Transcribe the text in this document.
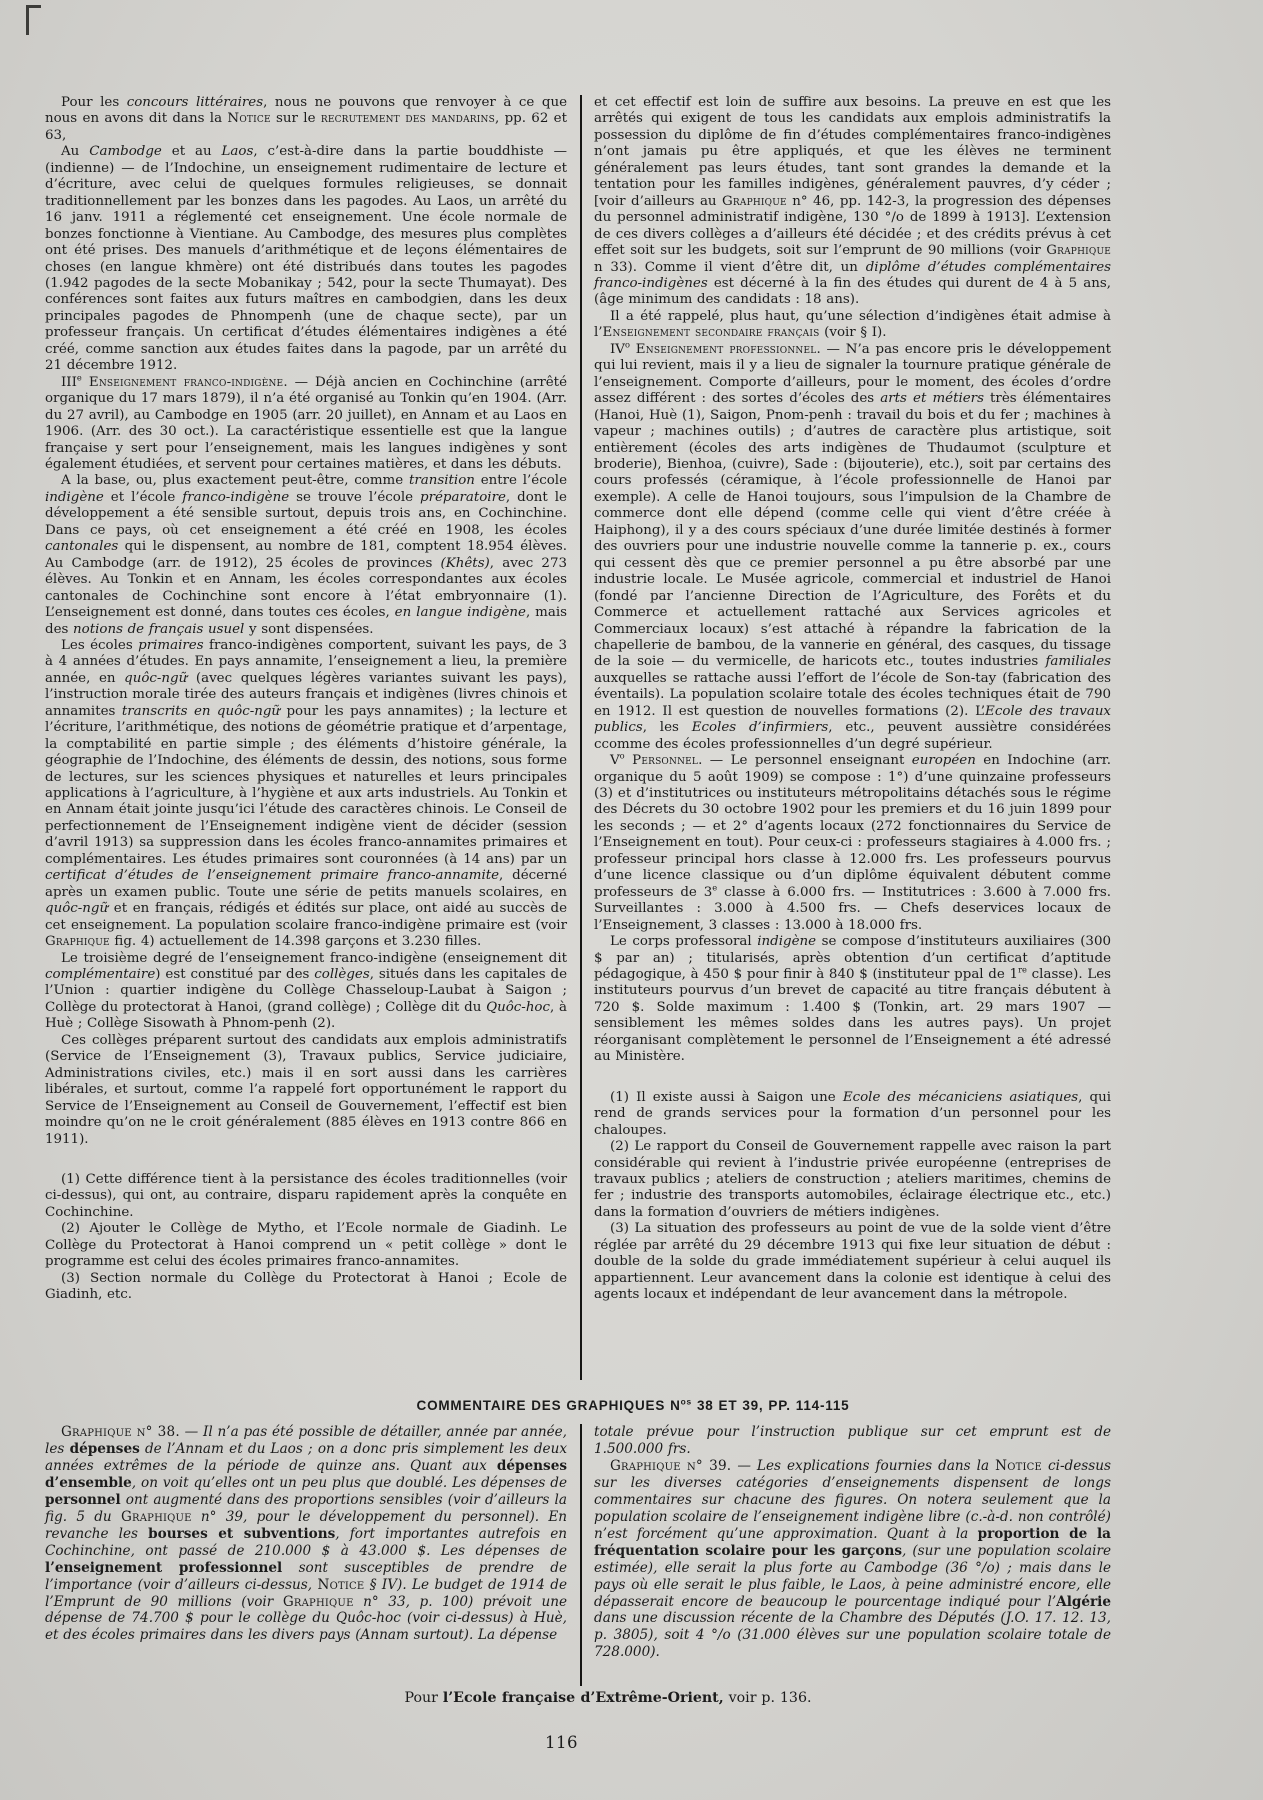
Pour les concours littéraires, nous ne pouvons que renvoyer à ce que nous en avons dit dans la Notice sur le recrutement des mandarins, pp. 62 et 63,

Au Cambodge et au Laos, c’est-à-dire dans la partie bouddhiste — (indienne) — de l’Indochine, un enseignement rudimentaire de lecture et d’écriture, avec celui de quelques formules religieuses, se donnait traditionnellement par les bonzes dans les pagodes. Au Laos, un arrêté du 16 janv. 1911 a réglementé cet enseignement. Une école normale de bonzes fonctionne à Vientiane. Au Cambodge, des mesures plus complètes ont été prises. Des manuels d’arithmétique et de leçons élémentaires de choses (en langue khmère) ont été distribués dans toutes les pagodes (1.942 pagodes de la secte Mobanikay ; 542, pour la secte Thumayat). Des conférences sont faites aux futurs maîtres en cambodgien, dans les deux principales pagodes de Phnompenh (une de chaque secte), par un professeur français. Un certificat d’études élémentaires indigènes a été créé, comme sanction aux études faites dans la pagode, par un arrêté du 21 décembre 1912.

IIIe Enseignement franco-indigène. — Déjà ancien en Cochinchine (arrêté organique du 17 mars 1879), il n’a été organisé au Tonkin qu’en 1904. (Arr. du 27 avril), au Cambodge en 1905 (arr. 20 juillet), en Annam et au Laos en 1906. (Arr. des 30 oct.). La caractéristique essentielle est que la langue française y sert pour l’enseignement, mais les langues indigènes y sont également étudiées, et servent pour certaines matières, et dans les débuts.

A la base, ou, plus exactement peut-être, comme transition entre l’école indigène et l’école franco-indigène se trouve l’école préparatoire, dont le développement a été sensible surtout, depuis trois ans, en Cochinchine. Dans ce pays, où cet enseignement a été créé en 1908, les écoles cantonales qui le dispensent, au nombre de 181, comptent 18.954 élèves. Au Cambodge (arr. de 1912), 25 écoles de provinces (Khêts), avec 273 élèves. Au Tonkin et en Annam, les écoles correspondantes aux écoles cantonales de Cochinchine sont encore à l’état embryonnaire (1). L’enseignement est donné, dans toutes ces écoles, en langue indigène, mais des notions de français usuel y sont dispensées.

Les écoles primaires franco-indigènes comportent, suivant les pays, de 3 à 4 années d’études. En pays annamite, l’enseignement a lieu, la première année, en quôc-ngữ (avec quelques légères variantes suivant les pays), l’instruction morale tirée des auteurs français et indigènes (livres chinois et annamites transcrits en quôc-ngữ pour les pays annamites) ; la lecture et l’écriture, l’arithmétique, des notions de géométrie pratique et d’arpentage, la comptabilité en partie simple ; des éléments d’histoire générale, la géographie de l’Indochine, des éléments de dessin, des notions, sous forme de lectures, sur les sciences physiques et naturelles et leurs principales applications à l’agriculture, à l’hygiène et aux arts industriels. Au Tonkin et en Annam était jointe jusqu’ici l’étude des caractères chinois. Le Conseil de perfectionnement de l’Enseignement indigène vient de décider (session d’avril 1913) sa suppression dans les écoles franco-annamites primaires et complémentaires. Les études primaires sont couronnées (à 14 ans) par un certificat d’études de l’enseignement primaire franco-annamite, décerné après un examen public. Toute une série de petits manuels scolaires, en quôc-ngữ et en français, rédigés et édités sur place, ont aidé au succès de cet enseignement. La population scolaire franco-indigène primaire est (voir Graphique fig. 4) actuellement de 14.398 garçons et 3.230 filles.

Le troisième degré de l’enseignement franco-indigène (enseignement dit complémentaire) est constitué par des collèges, situés dans les capitales de l’Union : quartier indigène du Collège Chasseloup-Laubat à Saigon ; Collège du protectorat à Hanoi, (grand collège) ; Collège dit du Quôc-hoc, à Huè ; Collège Sisowath à Phnom-penh (2).

Ces collèges préparent surtout des candidats aux emplois administratifs (Service de l’Enseignement (3), Travaux publics, Service judiciaire, Administrations civiles, etc.) mais il en sort aussi dans les carrières libérales, et surtout, comme l’a rappelé fort opportunément le rapport du Service de l’Enseignement au Conseil de Gouvernement, l’effectif est bien moindre qu’on ne le croit généralement (885 élèves en 1913 contre 866 en 1911).

(1) Cette différence tient à la persistance des écoles traditionnelles (voir ci-dessus), qui ont, au contraire, disparu rapidement après la conquête en Cochinchine.

(2) Ajouter le Collège de Mytho, et l’Ecole normale de Giadinh. Le Collège du Protectorat à Hanoi comprend un « petit collège » dont le programme est celui des écoles primaires franco-annamites.

(3) Section normale du Collège du Protectorat à Hanoi ; Ecole de Giadinh, etc.

et cet effectif est loin de suffire aux besoins. La preuve en est que les arrêtés qui exigent de tous les candidats aux emplois administratifs la possession du diplôme de fin d’études complémentaires franco-indigènes n’ont jamais pu être appliqués, et que les élèves ne terminent généralement pas leurs études, tant sont grandes la demande et la tentation pour les familles indigènes, généralement pauvres, d’y céder ; [voir d’ailleurs au Graphique n° 46, pp. 142-3, la progression des dépenses du personnel administratif indigène, 130 °/o de 1899 à 1913]. L’extension de ces divers collèges a d’ailleurs été décidée ; et des crédits prévus à cet effet soit sur les budgets, soit sur l’emprunt de 90 millions (voir Graphique n 33). Comme il vient d’être dit, un diplôme d’études complémentaires franco-indigènes est décerné à la fin des études qui durent de 4 à 5 ans, (âge minimum des candidats : 18 ans).

Il a été rappelé, plus haut, qu’une sélection d’indigènes était admise à l’Enseignement secondaire français (voir § I).

$IV^o$ Enseignement professionnel. — N’a pas encore pris le développement qui lui revient, mais il y a lieu de signaler la tournure pratique générale de l’enseignement. Comporte d’ailleurs, pour le moment, des écoles d’ordre assez différent : des sortes d’écoles des arts et métiers très élémentaires (Hanoi, Huè (1), Saigon, Pnom-penh : travail du bois et du fer ; machines à vapeur ; machines outils) ; d’autres de caractère plus artistique, soit entièrement (écoles des arts indigènes de Thudaumot (sculpture et broderie), Bienhoa, (cuivre), Sade : (bijouterie), etc.), soit par certains des cours professés (céramique, à l’école professionnelle de Hanoi par exemple). A celle de Hanoi toujours, sous l’impulsion de la Chambre de commerce dont elle dépend (comme celle qui vient d’être créée à Haiphong), il y a des cours spéciaux d’une durée limitée destinés à former des ouvriers pour une industrie nouvelle comme la tannerie p. ex., cours qui cessent dès que ce premier personnel a pu être absorbé par une industrie locale. Le Musée agricole, commercial et industriel de Hanoi (fondé par l’ancienne Direction de l’Agriculture, des Forêts et du Commerce et actuellement rattaché aux Services agricoles et Commerciaux locaux) s’est attaché à répandre la fabrication de la chapellerie de bambou, de la vannerie en général, des casques, du tissage de la soie — du vermicelle, de haricots etc., toutes industries familiales auxquelles se rattache aussi l’effort de l’école de Son-tay (fabrication des éventails). La population scolaire totale des écoles techniques était de 790 en 1912. Il est question de nouvelles formations (2). L’Ecole des travaux publics, les Ecoles d’infirmiers, etc., peuvent aussiètre considérées ccomme des écoles professionnelles d’un degré supérieur.

$V^o$ Personnel. — Le personnel enseignant européen en Indochine (arr. organique du 5 août 1909) se compose : 1°) d’une quinzaine professeurs (3) et d’institutrices ou instituteurs métropolitains détachés sous le régime des Décrets du 30 octobre 1902 pour les premiers et du 16 juin 1899 pour les seconds ; — et 2° d’agents locaux (272 fonctionnaires du Service de l’Enseignement en tout). Pour ceux-ci : professeurs stagiaires à 4.000 frs. ; professeur principal hors classe à 12.000 frs. Les professeurs pourvus d’une licence classique ou d’un diplôme équivalent débutent comme professeurs de 3e classe à 6.000 frs. — Institutrices : 3.600 à 7.000 frs. Surveillantes : 3.000 à 4.500 frs. — Chefs deservices locaux de l’Enseignement, 3 classes : 13.000 à 18.000 frs.

Le corps professoral indigène se compose d’instituteurs auxiliaires (300 $ par an) ; titularisés, après obtention d’un certificat d’aptitude pédagogique, à 450 $ pour finir à 840 $ (instituteur ppal de 1re classe). Les instituteurs pourvus d’un brevet de capacité au titre français débutent à 720 $. Solde maximum : 1.400 $ (Tonkin, art. 29 mars 1907 — sensiblement les mêmes soldes dans les autres pays). Un projet réorganisant complètement le personnel de l’Enseignement a été adressé au Ministère.

(1) Il existe aussi à Saigon une Ecole des mécaniciens asiatiques, qui rend de grands services pour la formation d’un personnel pour les chaloupes.

(2) Le rapport du Conseil de Gouvernement rappelle avec raison la part considérable qui revient à l’industrie privée européenne (entreprises de travaux publics ; ateliers de construction ; ateliers maritimes, chemins de fer ; industrie des transports automobiles, éclairage électrique etc., etc.) dans la formation d’ouvriers de métiers indigènes.

(3) La situation des professeurs au point de vue de la solde vient d’être réglée par arrêté du 29 décembre 1913 qui fixe leur situation de début : double de la solde du grade immédiatement supérieur à celui auquel ils appartiennent. Leur avancement dans la colonie est identique à celui des agents locaux et indépendant de leur avancement dans la métropole.

COMMENTAIRE DES GRAPHIQUES $N^{os}$ 38 ET 39, PP. 114-115

Graphique n° 38. — Il n’a pas été possible de détailler, année par année, les dépenses de l’Annam et du Laos ; on a donc pris simplement les deux années extrêmes de la période de quinze ans. Quant aux dépenses d’ensemble, on voit qu’elles ont un peu plus que doublé. Les dépenses de personnel ont augmenté dans des proportions sensibles (voir d’ailleurs la fig. 5 du Graphique n° 39, pour le développement du personnel). En revanche les bourses et subventions, fort importantes autrefois en Cochinchine, ont passé de 210.000 $ à 43.000 $. Les dépenses de l’enseignement professionnel sont susceptibles de prendre de l’importance (voir d’ailleurs ci-dessus, Notice § IV). Le budget de 1914 de l’Emprunt de 90 millions (voir Graphique n° 33, p. 100) prévoit une dépense de 74.700 $ pour le collège du Quôc-hoc (voir ci-dessus) à Huè, et des écoles primaires dans les divers pays (Annam surtout). La dépense

totale prévue pour l’instruction publique sur cet emprunt est de 1.500.000 frs.

Graphique n° 39. — Les explications fournies dans la Notice ci-dessus sur les diverses catégories d’enseignements dispensent de longs commentaires sur chacune des figures. On notera seulement que la population scolaire de l’enseignement indigène libre (c.-à-d. non contrôlé) n’est forcément qu’une approximation. Quant à la proportion de la fréquentation scolaire pour les garçons, (sur une population scolaire estimée), elle serait la plus forte au Cambodge (36 °/o) ; mais dans le pays où elle serait le plus faible, le Laos, à peine administré encore, elle dépasserait encore de beaucoup le pourcentage indiqué pour l’Algérie dans une discussion récente de la Chambre des Députés (J.O. 17. 12. 13, p. 3805), soit 4 °/o (31.000 élèves sur une population scolaire totale de 728.000).

Pour l’Ecole française d’Extrême-Orient, voir p. 136.

116
